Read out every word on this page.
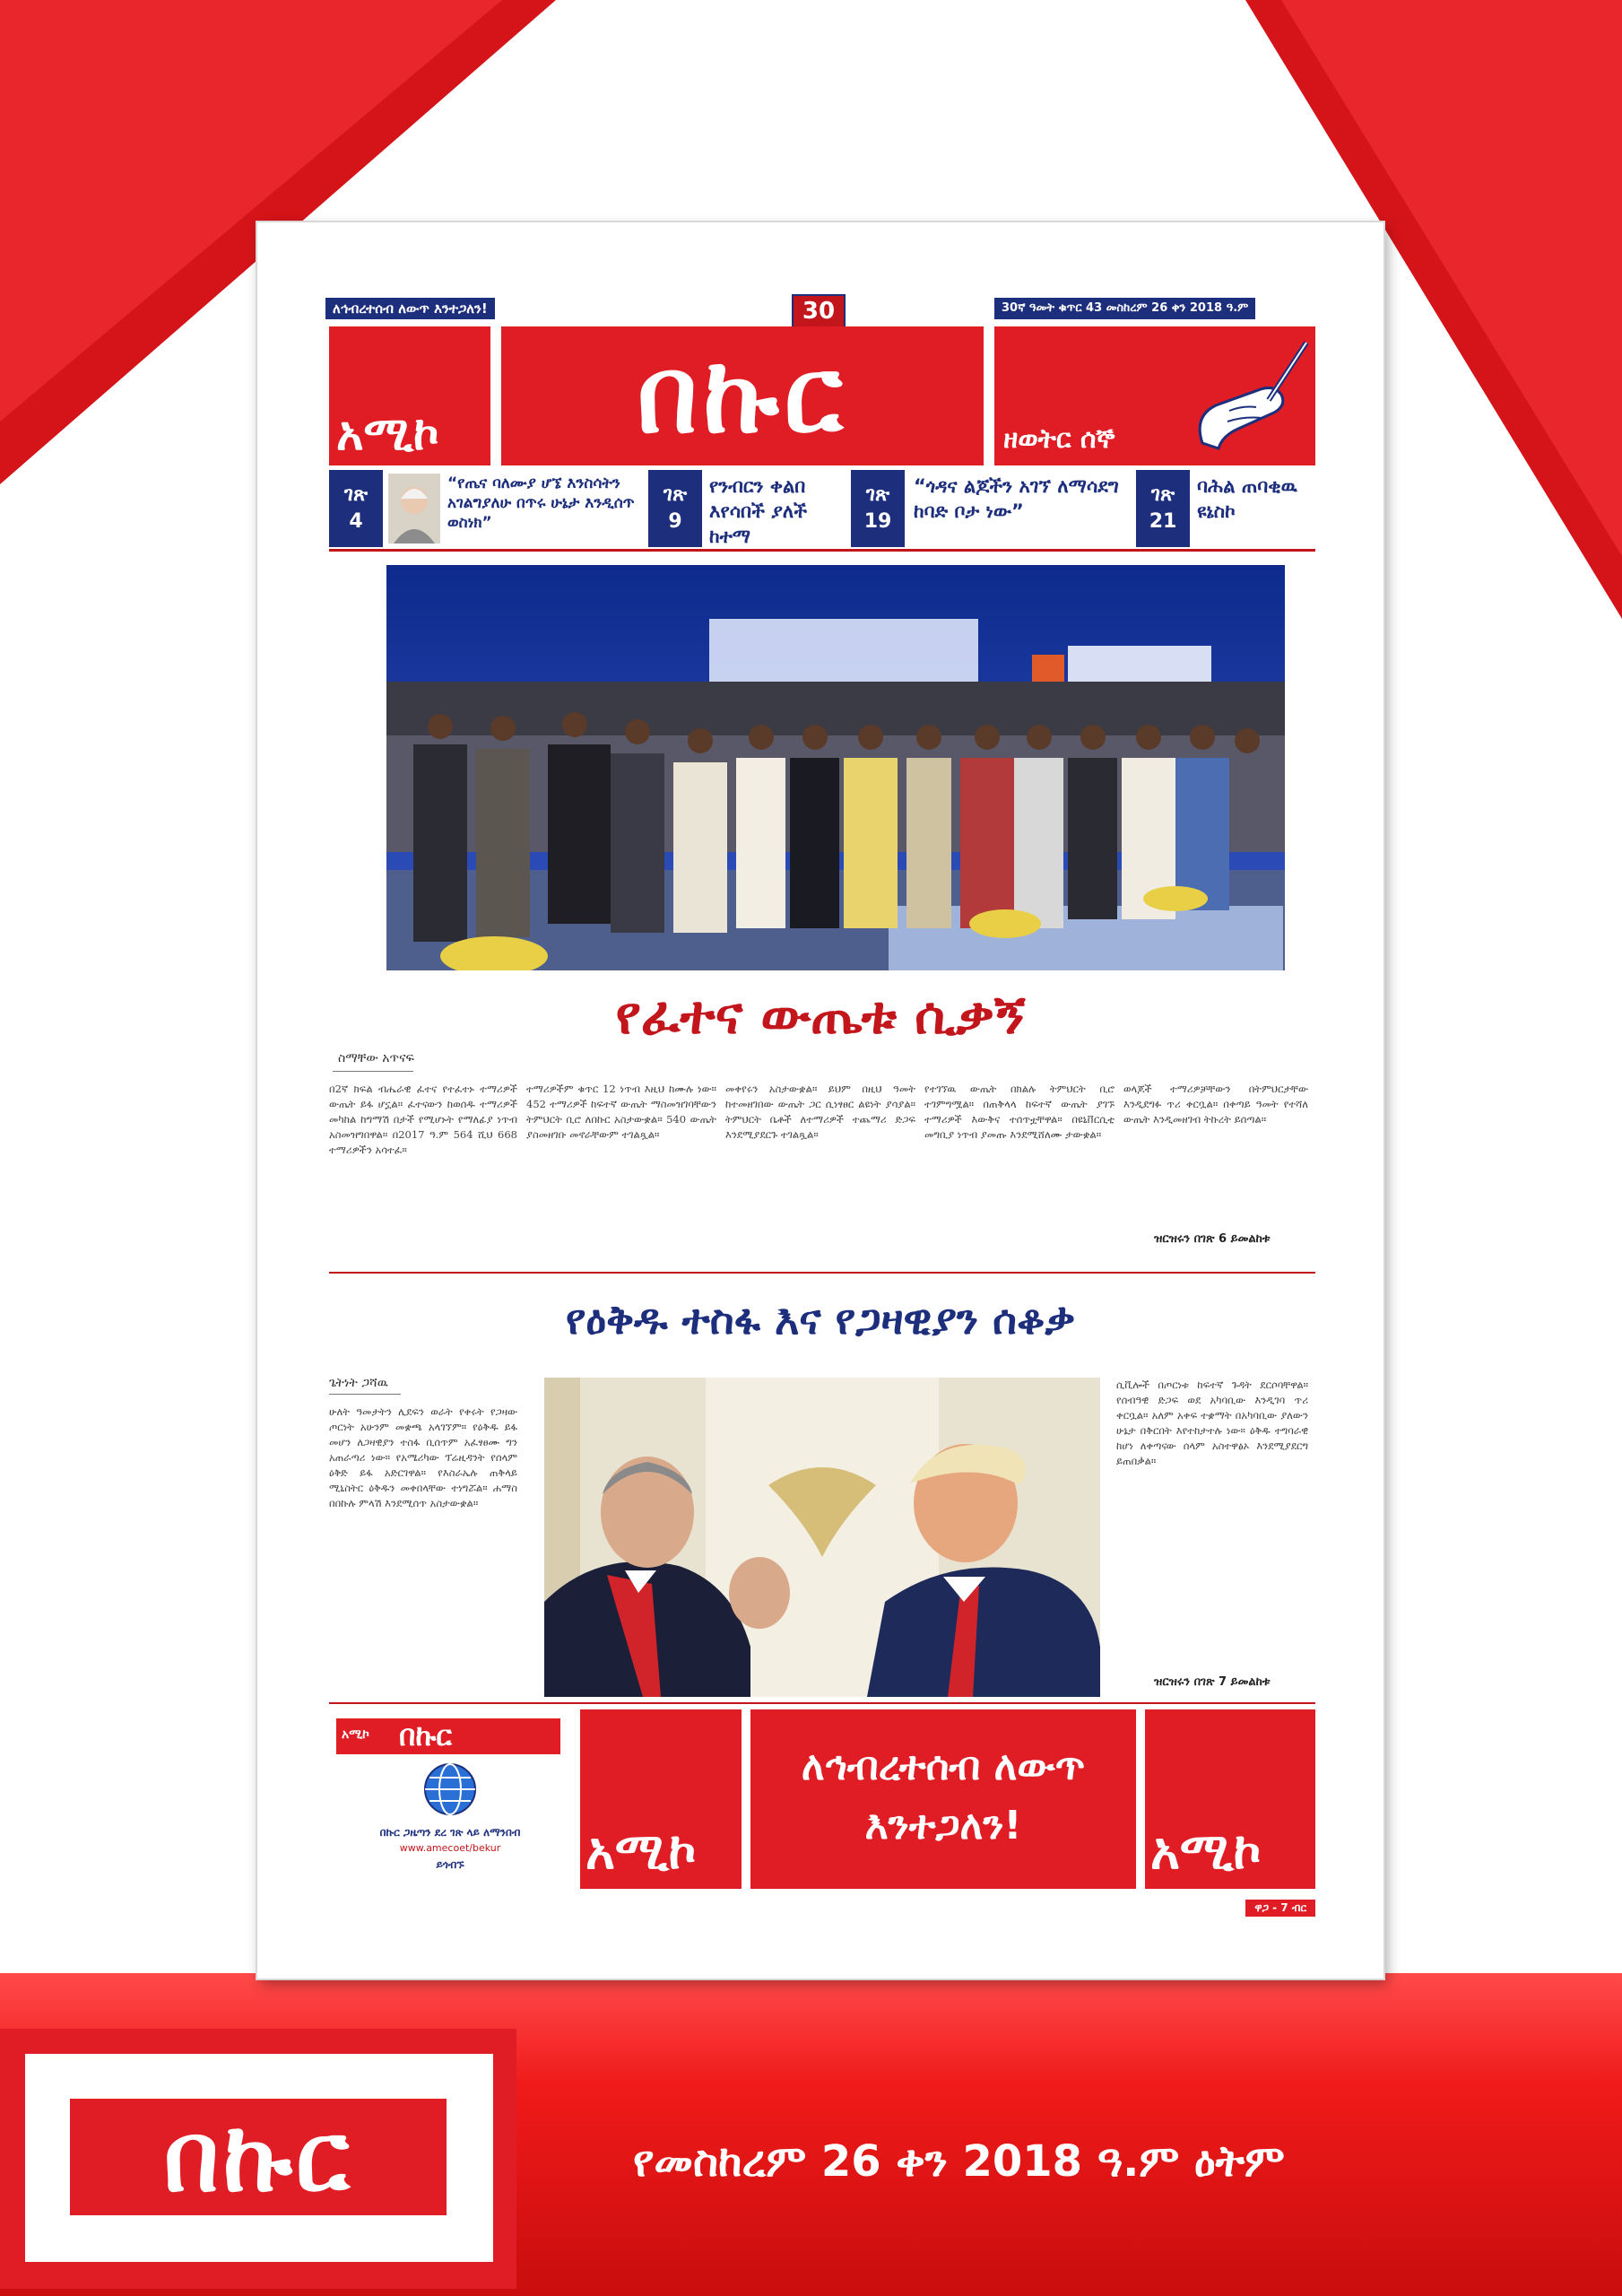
በኩር	የመስከረም 26 ቀን 2018 ዓ.ም ዕትም
ለኅብረተሰብ ለውጥ እንተጋለን!	30	30ኛ ዓመት ቁጥር 43 መስከረም 26 ቀን 2018 ዓ.ም
አሚኮ	በኩር	ዘወትር ሰኞ
ገጽ
4
“የጤና ባለሙያ ሆኜ እንስሳትን አገልግያለሁ በጥሩ ሁኔታ እንዲሰጥ ወስነክ”
ገጽ
9
የንብርን ቀልበ እየሳበች ያለች ከተማ
ገጽ
19
“ጎዳና ልጆችን አገኘ ለማሳደግ ከባድ ቦታ ነው”
ገጽ
21
ባሕል ጠባቂዉ ዩኔስኮ
የፈተና ውጤቱ ሲቃኝ
ስማቸው አጥናፍ
በ2ኛ ክፍል ብሔራዊ ፈተና የተፈተኑ ተማሪዎች ውጤት ይፋ ሆኗል። ፈተናውን ከወሰዱ ተማሪዎች መካከል ከግማሽ በታች የሚሆኑት የማለፊያ ነጥብ አስመዝግበዋል። በ2017 ዓ.ም 564 ሺህ 668 ተማሪዎችን አሳተፈ።
ተማሪዎችም ቁጥር 12 ነጥብ እዚህ ከሙሉ ነው። 452 ተማሪዎች ከፍተኛ ውጤት ማስመዝገባቸውን ትምህርት ቢሮ ለበኩር አስታውቋል። 540 ውጤት ያስመዘገቡ መኖራቸውም ተገልጿል።
መቀየሩን አስታውቋል። ይህም በዚህ ዓመት ከተመዘገበው ውጤት ጋር ሲነፃፀር ልዩነት ያሳያል። ትምህርት ቤቶች ለተማሪዎች ተጨማሪ ድጋፍ እንደሚያደርጉ ተገልጿል።
የተገኘዉ ውጤት በክልሉ ትምህርት ቢሮ ተገምግሟል። በጠቅላላ ከፍተኛ ውጤት ያገኙ ተማሪዎች እውቅና ተሰጥቷቸዋል። በዩኒቨርሲቲ መግቢያ ነጥብ ያመጡ እንደሚሸለሙ ታውቋል።
ወላጆች ተማሪዎቻቸውን በትምህርታቸው እንዲደግፉ ጥሪ ቀርቧል። በቀጣይ ዓመት የተሻለ ውጤት እንዲመዘገብ ትኩረት ይሰጣል።
ዝርዝሩን በገጽ 6 ይመልከቱ
የዕቅዱ ተስፋ እና የጋዛዊያን ሰቆቃ
ጌትነት ጋሻዉ
ሁለት ዓመታትን ሊደፍን ወራት የቀሩት የጋዛው ጦርነት አሁንም መቋጫ አላገኘም። የዕቅዱ ይፋ መሆን ለጋዛዊያን ተስፋ ቢሰጥም አፈፃፀሙ ግን አጠራጣሪ ነው። የአሜሪካው ፕሬዚዳንት የሰላም ዕቅድ ይፋ አድርገዋል። የእስራኤሉ ጠቅላይ ሚኒስትር ዕቅዱን መቀበላቸው ተነግሯል። ሐማስ በበኩሉ ምላሽ እንደሚሰጥ አስታውቋል።
ሲቪሎች በጦርነቱ ከፍተኛ ጉዳት ደርሶባቸዋል። የሰብዓዊ ድጋፍ ወደ አካባቢው እንዲገባ ጥሪ ቀርቧል። አለም አቀፍ ተቋማት በአካባቢው ያለውን ሁኔታ በቅርበት እየተከታተሉ ነው። ዕቅዱ ተግባራዊ ከሆነ ለቀጣናው ሰላም አስተዋፅኦ እንደሚያደርግ ይጠበቃል።
ዝርዝሩን በገጽ 7 ይመልከቱ
አሚኮ በኩር
በኩር ጋዜጣን ደረ ገጽ ላይ ለማንበብ
www.amecoet/bekur
ይጎብኙ	አሚኮ
ለኅብረተሰብ ለውጥ
እንተጋለን!	አሚኮ
ዋጋ - 7 ብር
